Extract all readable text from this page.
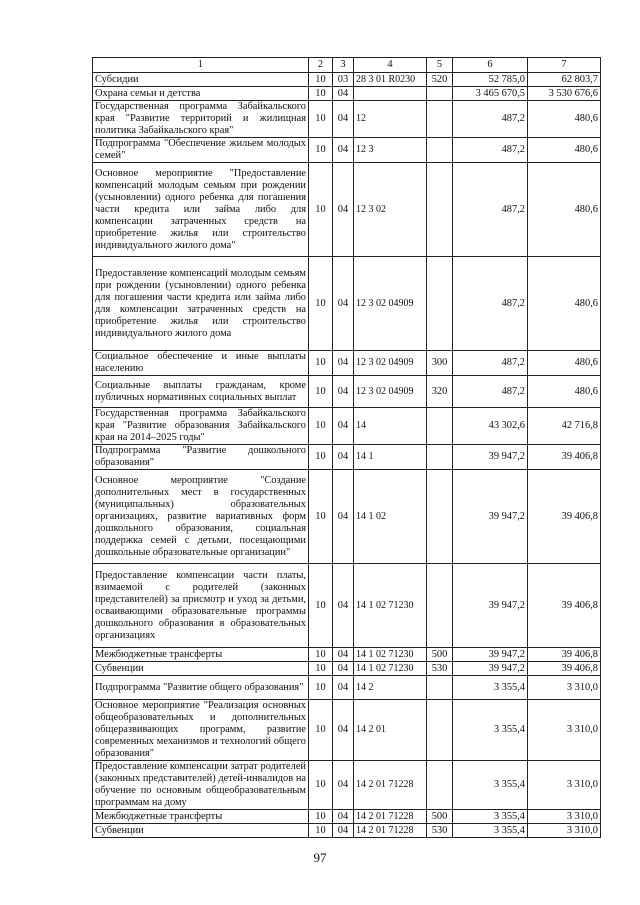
1	2	3	4	5	6	7
Субсидии	10	03	28 3 01 R0230	520	52 785,0	62 803,7
Охрана семьи и детства	10	04			3 465 670,5	3 530 676,6
Государственная программа Забайкальского края "Развитие территорий и жилищная политика Забайкальского края"	10	04	12		487,2	480,6
Подпрограмма "Обеспечение жильем молодых семей"	10	04	12 3		487,2	480,6
Основное мероприятие "Предоставление компенсаций молодым семьям при рождении (усыновлении) одного ребенка для погашения части кредита или займа либо для компенсации затраченных средств на приобретение жилья или строительство индивидуального жилого дома"	10	04	12 3 02		487,2	480,6
Предоставление компенсаций молодым семьям при рождении (усыновлении) одного ребенка для погашения части кредита или займа либо для компенсации затраченных средств на приобретение жилья или строительство индивидуального жилого дома	10	04	12 3 02 04909		487,2	480,6
Социальное обеспечение и иные выплаты населению	10	04	12 3 02 04909	300	487,2	480,6
Социальные выплаты гражданам, кроме публичных нормативных социальных выплат	10	04	12 3 02 04909	320	487,2	480,6
Государственная программа Забайкальского края "Развитие образования Забайкальского края на 2014–2025 годы"	10	04	14		43 302,6	42 716,8
Подпрограмма "Развитие дошкольного образования"	10	04	14 1		39 947,2	39 406,8
Основное мероприятие "Создание дополнительных мест в государственных (муниципальных) образовательных организациях, развитие вариативных форм дошкольного образования, социальная поддержка семей с детьми, посещающими дошкольные образовательные организации"	10	04	14 1 02		39 947,2	39 406,8
Предоставление компенсации части платы, взимаемой с родителей (законных представителей) за присмотр и уход за детьми, осваивающими образовательные программы дошкольного образования в образовательных организациях	10	04	14 1 02 71230		39 947,2	39 406,8
Межбюджетные трансферты	10	04	14 1 02 71230	500	39 947,2	39 406,8
Субвенции	10	04	14 1 02 71230	530	39 947,2	39 406,8
Подпрограмма "Развитие общего образования"	10	04	14 2		3 355,4	3 310,0
Основное мероприятие "Реализация основных общеобразовательных и дополнительных общеразвивающих программ, развитие современных механизмов и технологий общего образования"	10	04	14 2 01		3 355,4	3 310,0
Предоставление компенсации затрат родителей (законных представителей) детей-инвалидов на обучение по основным общеобразовательным программам на дому	10	04	14 2 01 71228		3 355,4	3 310,0
Межбюджетные трансферты	10	04	14 2 01 71228	500	3 355,4	3 310,0
Субвенции	10	04	14 2 01 71228	530	3 355,4	3 310,0
97
